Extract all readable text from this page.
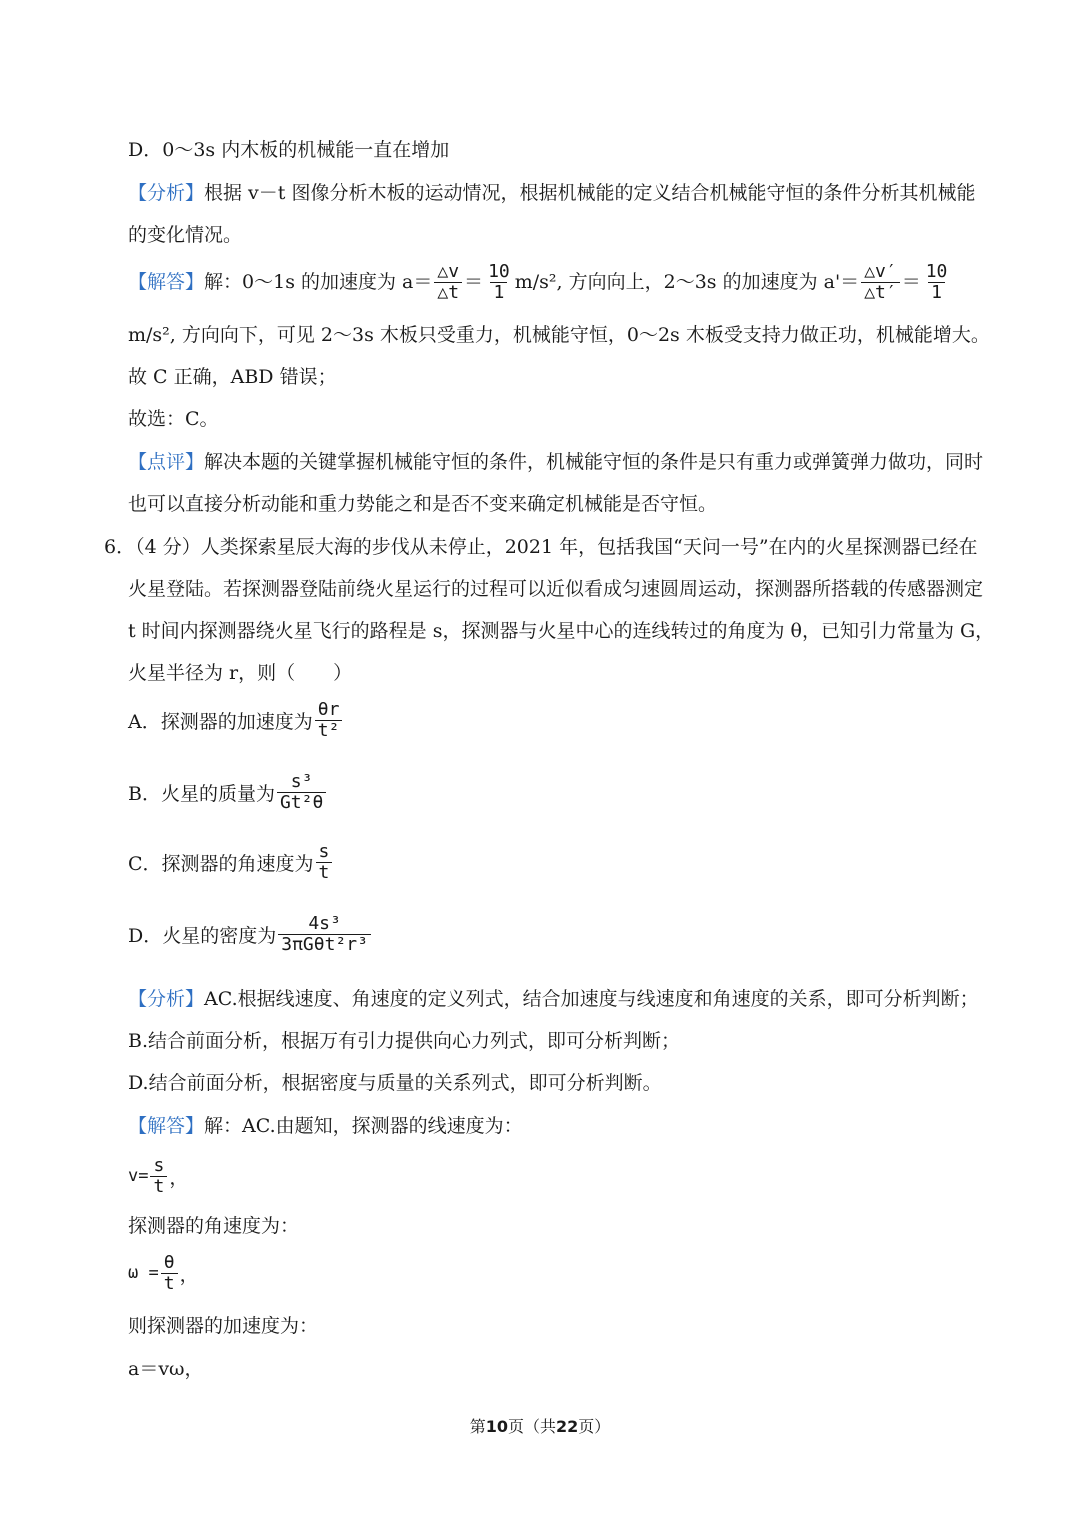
D．0～3s 内木板的机械能一直在增加
【分析】根据 v－t 图像分析木板的运动情况，根据机械能的定义结合机械能守恒的条件分析其机械能
的变化情况。
【解答】 解：0～1s 的加速度为 $a= \frac{\triangle v}{\triangle t} = \frac{10}{1} m/s^2$, 方向向上，2～3s 的加速度为 $a'= \frac{\triangle v'}{\triangle t'} = \frac{10}{1}$
m/s², 方向向下，可见 2～3s 木板只受重力，机械能守恒，0～2s 木板受支持力做正功，机械能增大。
故 C 正确，ABD 错误；
故选：C。
【点评】解决本题的关键掌握机械能守恒的条件，机械能守恒的条件是只有重力或弹簧弹力做功，同时
也可以直接分析动能和重力势能之和是否不变来确定机械能是否守恒。
6．（4 分）人类探索星辰大海的步伐从未停止，2021 年，包括我国“天问一号”在内的火星探测器已经在
火星登陆。若探测器登陆前绕火星运行的过程可以近似看成匀速圆周运动，探测器所搭载的传感器测定
t 时间内探测器绕火星飞行的路程是 s，探测器与火星中心的连线转过的角度为 θ，已知引力常量为 G，
火星半径为 r，则（　　）
A．探测器的加速度为 $\frac{\theta r}{\text{t²}}$
B．火星的质量为 $\frac{\text{s³}}{\text{Gt²θ}}$
C．探测器的角速度为 $\frac{s}{t}$
D．火星的密度为 $\frac{\text{4s³}}{\text{3πGθt²r³}}$
【分析】AC.根据线速度、角速度的定义列式，结合加速度与线速度和角速度的关系，即可分析判断；
B.结合前面分析，根据万有引力提供向心力列式，即可分析判断；
D.结合前面分析，根据密度与质量的关系列式，即可分析判断。
【解答】解：AC.由题知，探测器的线速度为：
$v= \frac{s}{t}$ ，
探测器的角速度为：
$\omega = \frac{\theta}{t}$ ，
则探测器的加速度为：
a＝vω，
第10页（共22页）
